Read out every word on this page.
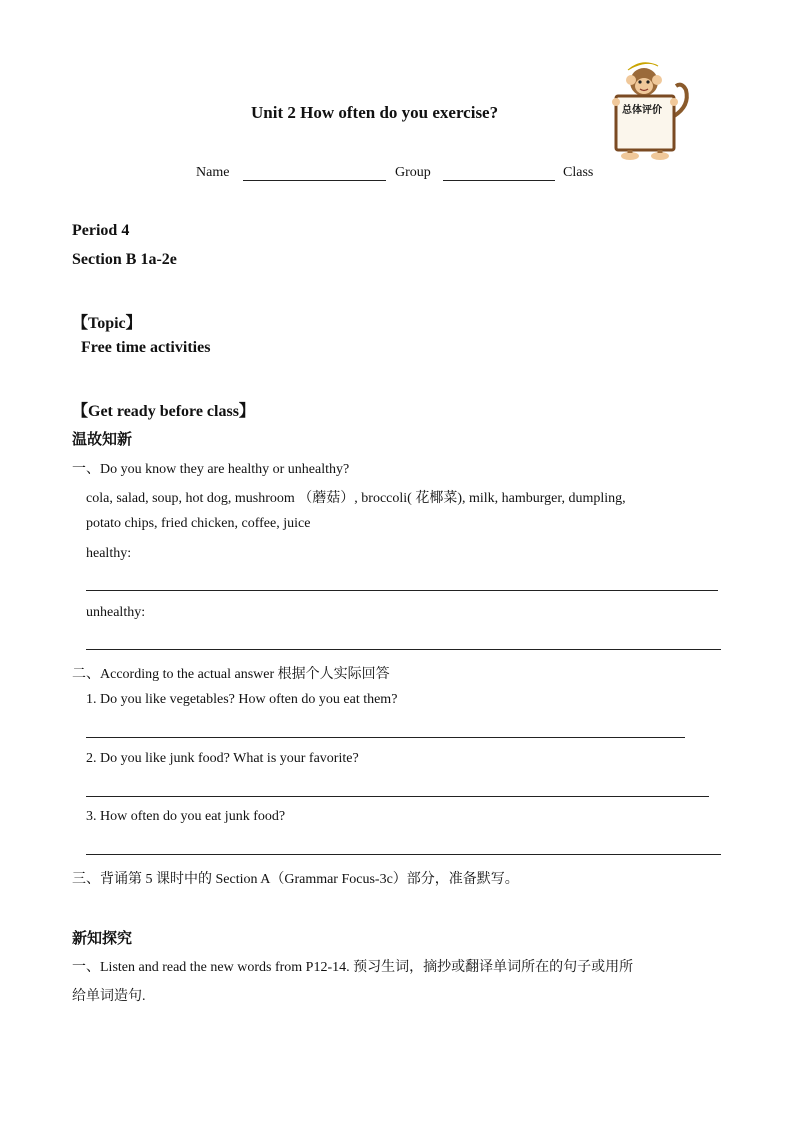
总体评价
Unit 2 How often do you exercise?
Name	Group	Class
Period 4
Section B 1a-2e
【Topic】
Free time activities
【Get ready before class】
温故知新
一、Do you know they are healthy or unhealthy?
cola, salad, soup, hot dog, mushroom （蘑菇）, broccoli( 花椰菜), milk, hamburger, dumpling,
potato chips, fried chicken, coffee, juice
healthy:
unhealthy:
二、According to the actual answer 根据个人实际回答
1. Do you like vegetables? How often do you eat them?
2. Do you like junk food? What is your favorite?
3. How often do you eat junk food?
三、背诵第 5 课时中的 Section A（Grammar Focus-3c）部分，准备默写。
新知探究
一、Listen and read the new words from P12-14. 预习生词，摘抄或翻译单词所在的句子或用所
给单词造句.
